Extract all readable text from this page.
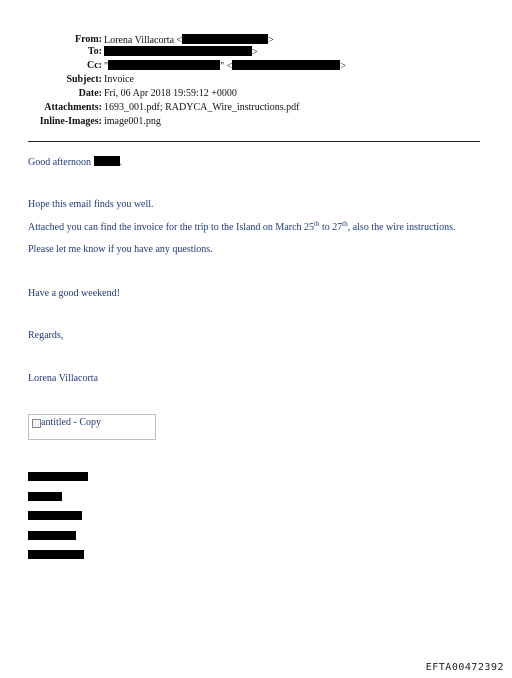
From: Lorena Villacorta <	>
To:	>
Cc: "	" <	>
Subject: Invoice
Date: Fri, 06 Apr 2018 19:59:12 +0000
Attachments: 1693_001.pdf; RADYCA_Wire_instructions.pdf
Inline-Images: image001.png
Good afternoon	.
Hope this email finds you well.
Attached you can find the invoice for the trip to the Island on March 25th to 27th, also the wire instructions.
Please let me know if you have any questions.
Have a good weekend!
Regards,
Lorena Villacorta
antitled - Copy
EFTA00472392
